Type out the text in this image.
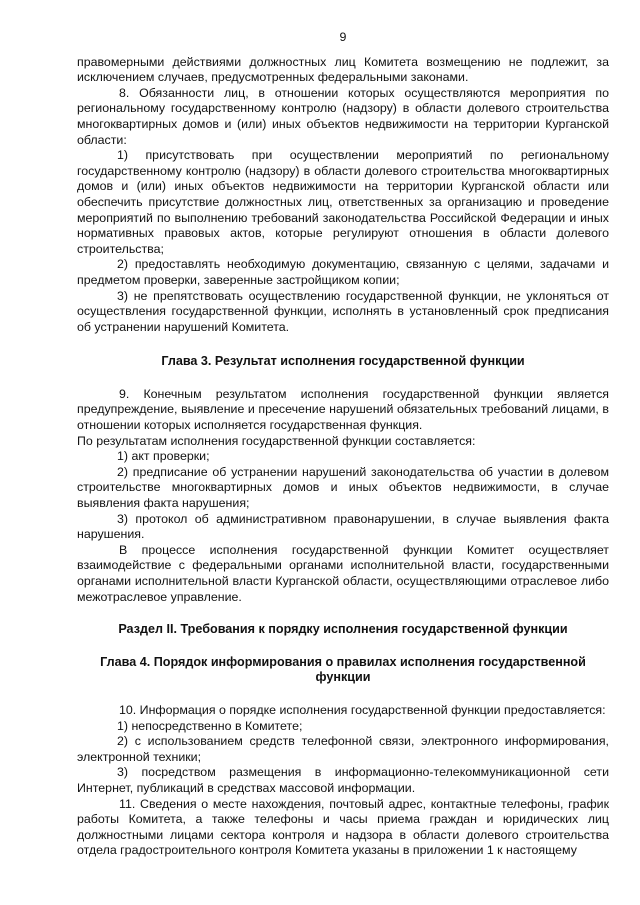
9

правомерными действиями должностных лиц Комитета возмещению не подлежит, за исключением случаев, предусмотренных федеральными законами.

8. Обязанности лиц, в отношении которых осуществляются мероприятия по региональному государственному контролю (надзору) в области долевого строительства многоквартирных домов и (или) иных объектов недвижимости на территории Курганской области:

1) присутствовать при осуществлении мероприятий по региональному государственному контролю (надзору) в области долевого строительства многоквартирных домов и (или) иных объектов недвижимости на территории Курганской области или обеспечить присутствие должностных лиц, ответственных за организацию и проведение мероприятий по выполнению требований законодательства Российской Федерации и иных нормативных правовых актов, которые регулируют отношения в области долевого строительства;

2) предоставлять необходимую документацию, связанную с целями, задачами и предметом проверки, заверенные застройщиком копии;

3) не препятствовать осуществлению государственной функции, не уклоняться от осуществления государственной функции, исполнять в установленный срок предписания об устранении нарушений Комитета.

Глава 3. Результат исполнения государственной функции

9. Конечным результатом исполнения государственной функции является предупреждение, выявление и пресечение нарушений обязательных требований лицами, в отношении которых исполняется государственная функция.

По результатам исполнения государственной функции составляется:

1) акт проверки;

2) предписание об устранении нарушений законодательства об участии в долевом строительстве многоквартирных домов и иных объектов недвижимости, в случае выявления факта нарушения;

3) протокол об административном правонарушении, в случае выявления факта нарушения.

В процессе исполнения государственной функции Комитет осуществляет взаимодействие с федеральными органами исполнительной власти, государственными органами исполнительной власти Курганской области, осуществляющими отраслевое либо межотраслевое управление.

Раздел II. Требования к порядку исполнения государственной функции
Глава 4. Порядок информирования о правилах исполнения государственной функции

10. Информация о порядке исполнения государственной функции предоставляется:

1) непосредственно в Комитете;

2) с использованием средств телефонной связи, электронного информирования, электронной техники;

3) посредством размещения в информационно-телекоммуникационной сети Интернет, публикаций в средствах массовой информации.

11. Сведения о месте нахождения, почтовый адрес, контактные телефоны, график работы Комитета, а также телефоны и часы приема граждан и юридических лиц должностными лицами сектора контроля и надзора в области долевого строительства отдела градостроительного контроля Комитета указаны в приложении 1 к настоящему
